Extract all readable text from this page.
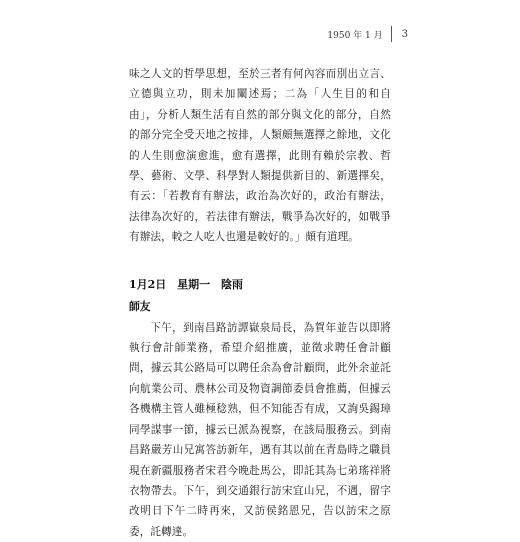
1950 年 1 月 3

味之人文的哲學思想，至於三者有何內容而別出立言、立德與立功，則未加闡述焉；二為「人生目的和自由」，分析人類生活有自然的部分與文化的部分，自然的部分完全受天地之按排，人類頗無選擇之餘地，文化的人生則愈演愈進，愈有選擇，此則有賴於宗教、哲學、藝術、文學、科學對人類提供新目的、新選擇矣，有云：「若教育有辦法，政治為次好的，政治有辦法，法律為次好的，若法律有辦法，戰爭為次好的，如戰爭有辦法，較之人吃人也還是較好的。」頗有道理。

1月2日 星期一 陰雨
師友

下午，到南昌路訪譚嶽泉局長，為賀年並告以即將執行會計師業務，希望介紹推廣，並徵求聘任會計顧問，據云其公路局可以聘任余為會計顧問，此外余並託向航業公司、農林公司及物資調節委員會推薦，但據云各機構主管人雖極稔熟，但不知能否有成，又詢吳錫璋同學謀事一節，據云已派為視察，在該局服務云。到南昌路嚴芳山兄寓答訪新年，遇有其以前在青島時之職員現在新疆服務者宋君今晚赴馬公，即託其為七弟瑤祥將衣物帶去。下午，到交通銀行訪宋宜山兄，不遇，留字改明日下午二時再來，又訪侯銘恩兄，告以訪宋之原委，託轉達。
